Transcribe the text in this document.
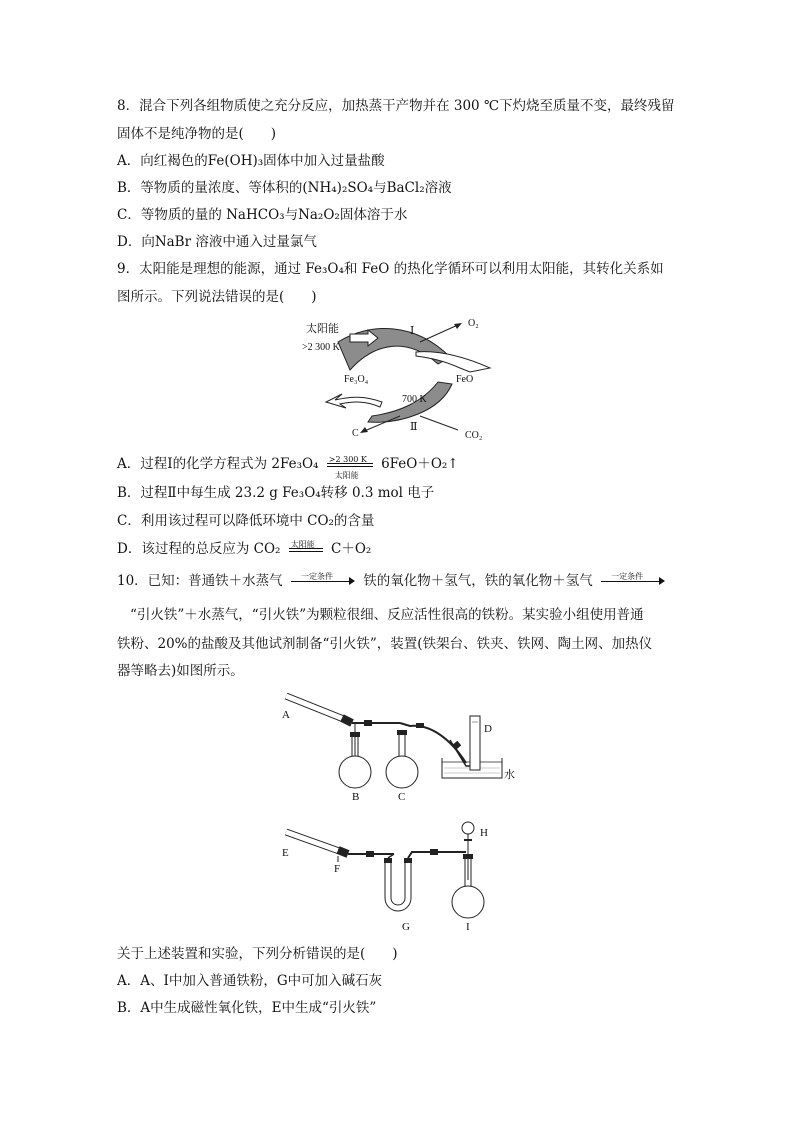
8．混合下列各组物质使之充分反应，加热蒸干产物并在 300 ℃下灼烧至质量不变，最终残留
固体不是纯净物的是(　　)
A．向红褐色的Fe(OH)₃固体中加入过量盐酸
B．等物质的量浓度、等体积的(NH₄)₂SO₄与BaCl₂溶液
C．等物质的量的 NaHCO₃与Na₂O₂固体溶于水
D．向NaBr 溶液中通入过量氯气
9．太阳能是理想的能源，通过 Fe₃O₄和 FeO 的热化学循环可以利用太阳能，其转化关系如
图所示。下列说法错误的是(　　)
太阳能
>2 300 K
Ⅰ
O₂
Fe₃O₄	FeO
700 K
C
Ⅱ
CO₂
A．过程Ⅰ的化学方程式为 2Fe₃O₄ >2 300 K
太阳能
6FeO＋O₂↑
B．过程Ⅱ中每生成 23.2 g Fe₃O₄转移 0.3 mol 电子
C．利用该过程可以降低环境中 CO₂的含量
D．该过程的总反应为 CO₂ 太阳能 C＋O₂
10．已知：普通铁＋水蒸气 一定条件 铁的氧化物＋氢气，铁的氧化物＋氢气 一定条件
“引火铁”＋水蒸气，“引火铁”为颗粒很细、反应活性很高的铁粉。某实验小组使用普通
铁粉、20%的盐酸及其他试剂制备“引火铁”，装置(铁架台、铁夹、铁网、陶土网、加热仪
器等略去)如图所示。
A
B	C
D
水
E
F
G
H
I
关于上述装置和实验，下列分析错误的是(　　)
A．A、I中加入普通铁粉，G中可加入碱石灰
B．A中生成磁性氧化铁，E中生成“引火铁”
